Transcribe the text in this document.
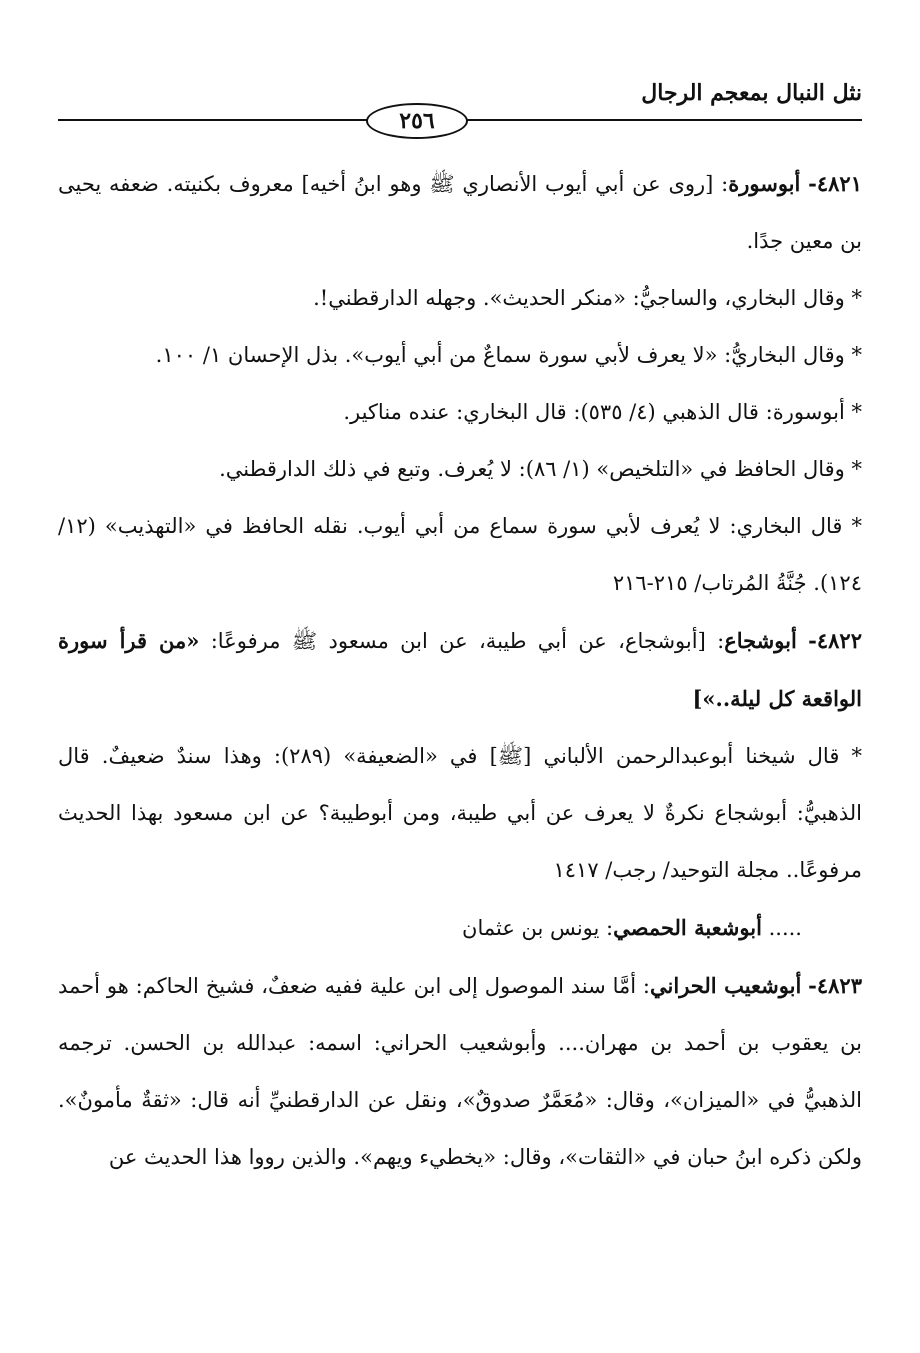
نثل النبال بمعجم الرجال
٢٥٦

٤٨٢١- أبوسورة: [روى عن أبي أيوب الأنصاري ﷺ وهو ابنُ أخيه] معروف بكنيته. ضعفه يحيى بن معين جدًا.

* وقال البخاري، والساجيُّ: «منكر الحديث». وجهله الدارقطني!.

* وقال البخاريُّ: «لا يعرف لأبي سورة سماعٌ من أبي أيوب». بذل الإحسان ١/ ١٠٠.

* أبوسورة: قال الذهبي (٤/ ٥٣٥): قال البخاري: عنده مناكير.

* وقال الحافظ في «التلخيص» (١/ ٨٦): لا يُعرف. وتبع في ذلك الدارقطني.

* قال البخاري: لا يُعرف لأبي سورة سماع من أبي أيوب. نقله الحافظ في «التهذيب» (١٢/ ١٢٤). جُنَّةُ المُرتاب/ ٢١٥-٢١٦

٤٨٢٢- أبوشجاع: [أبوشجاع، عن أبي طيبة، عن ابن مسعود ﷺ مرفوعًا: «من قرأ سورة الواقعة كل ليلة..»]

* قال شيخنا أبوعبدالرحمن الألباني [ﷺ] في «الضعيفة» (٢٨٩): وهذا سندٌ ضعيفٌ. قال الذهبيُّ: أبوشجاع نكرةٌ لا يعرف عن أبي طيبة، ومن أبوطيبة؟ عن ابن مسعود بهذا الحديث مرفوعًا.. مجلة التوحيد/ رجب/ ١٤١٧

..... أبوشعبة الحمصي: يونس بن عثمان

٤٨٢٣- أبوشعيب الحراني: أمَّا سند الموصول إلى ابن علية ففيه ضعفٌ، فشيخ الحاكم: هو أحمد بن يعقوب بن أحمد بن مهران.... وأبوشعيب الحراني: اسمه: عبدالله بن الحسن. ترجمه الذهبيُّ في «الميزان»، وقال: «مُعَمَّرٌ صدوقٌ»، ونقل عن الدارقطنيِّ أنه قال: «ثقةٌ مأمونٌ». ولكن ذكره ابنُ حبان في «الثقات»، وقال: «يخطيء ويهم». والذين رووا هذا الحديث عن
